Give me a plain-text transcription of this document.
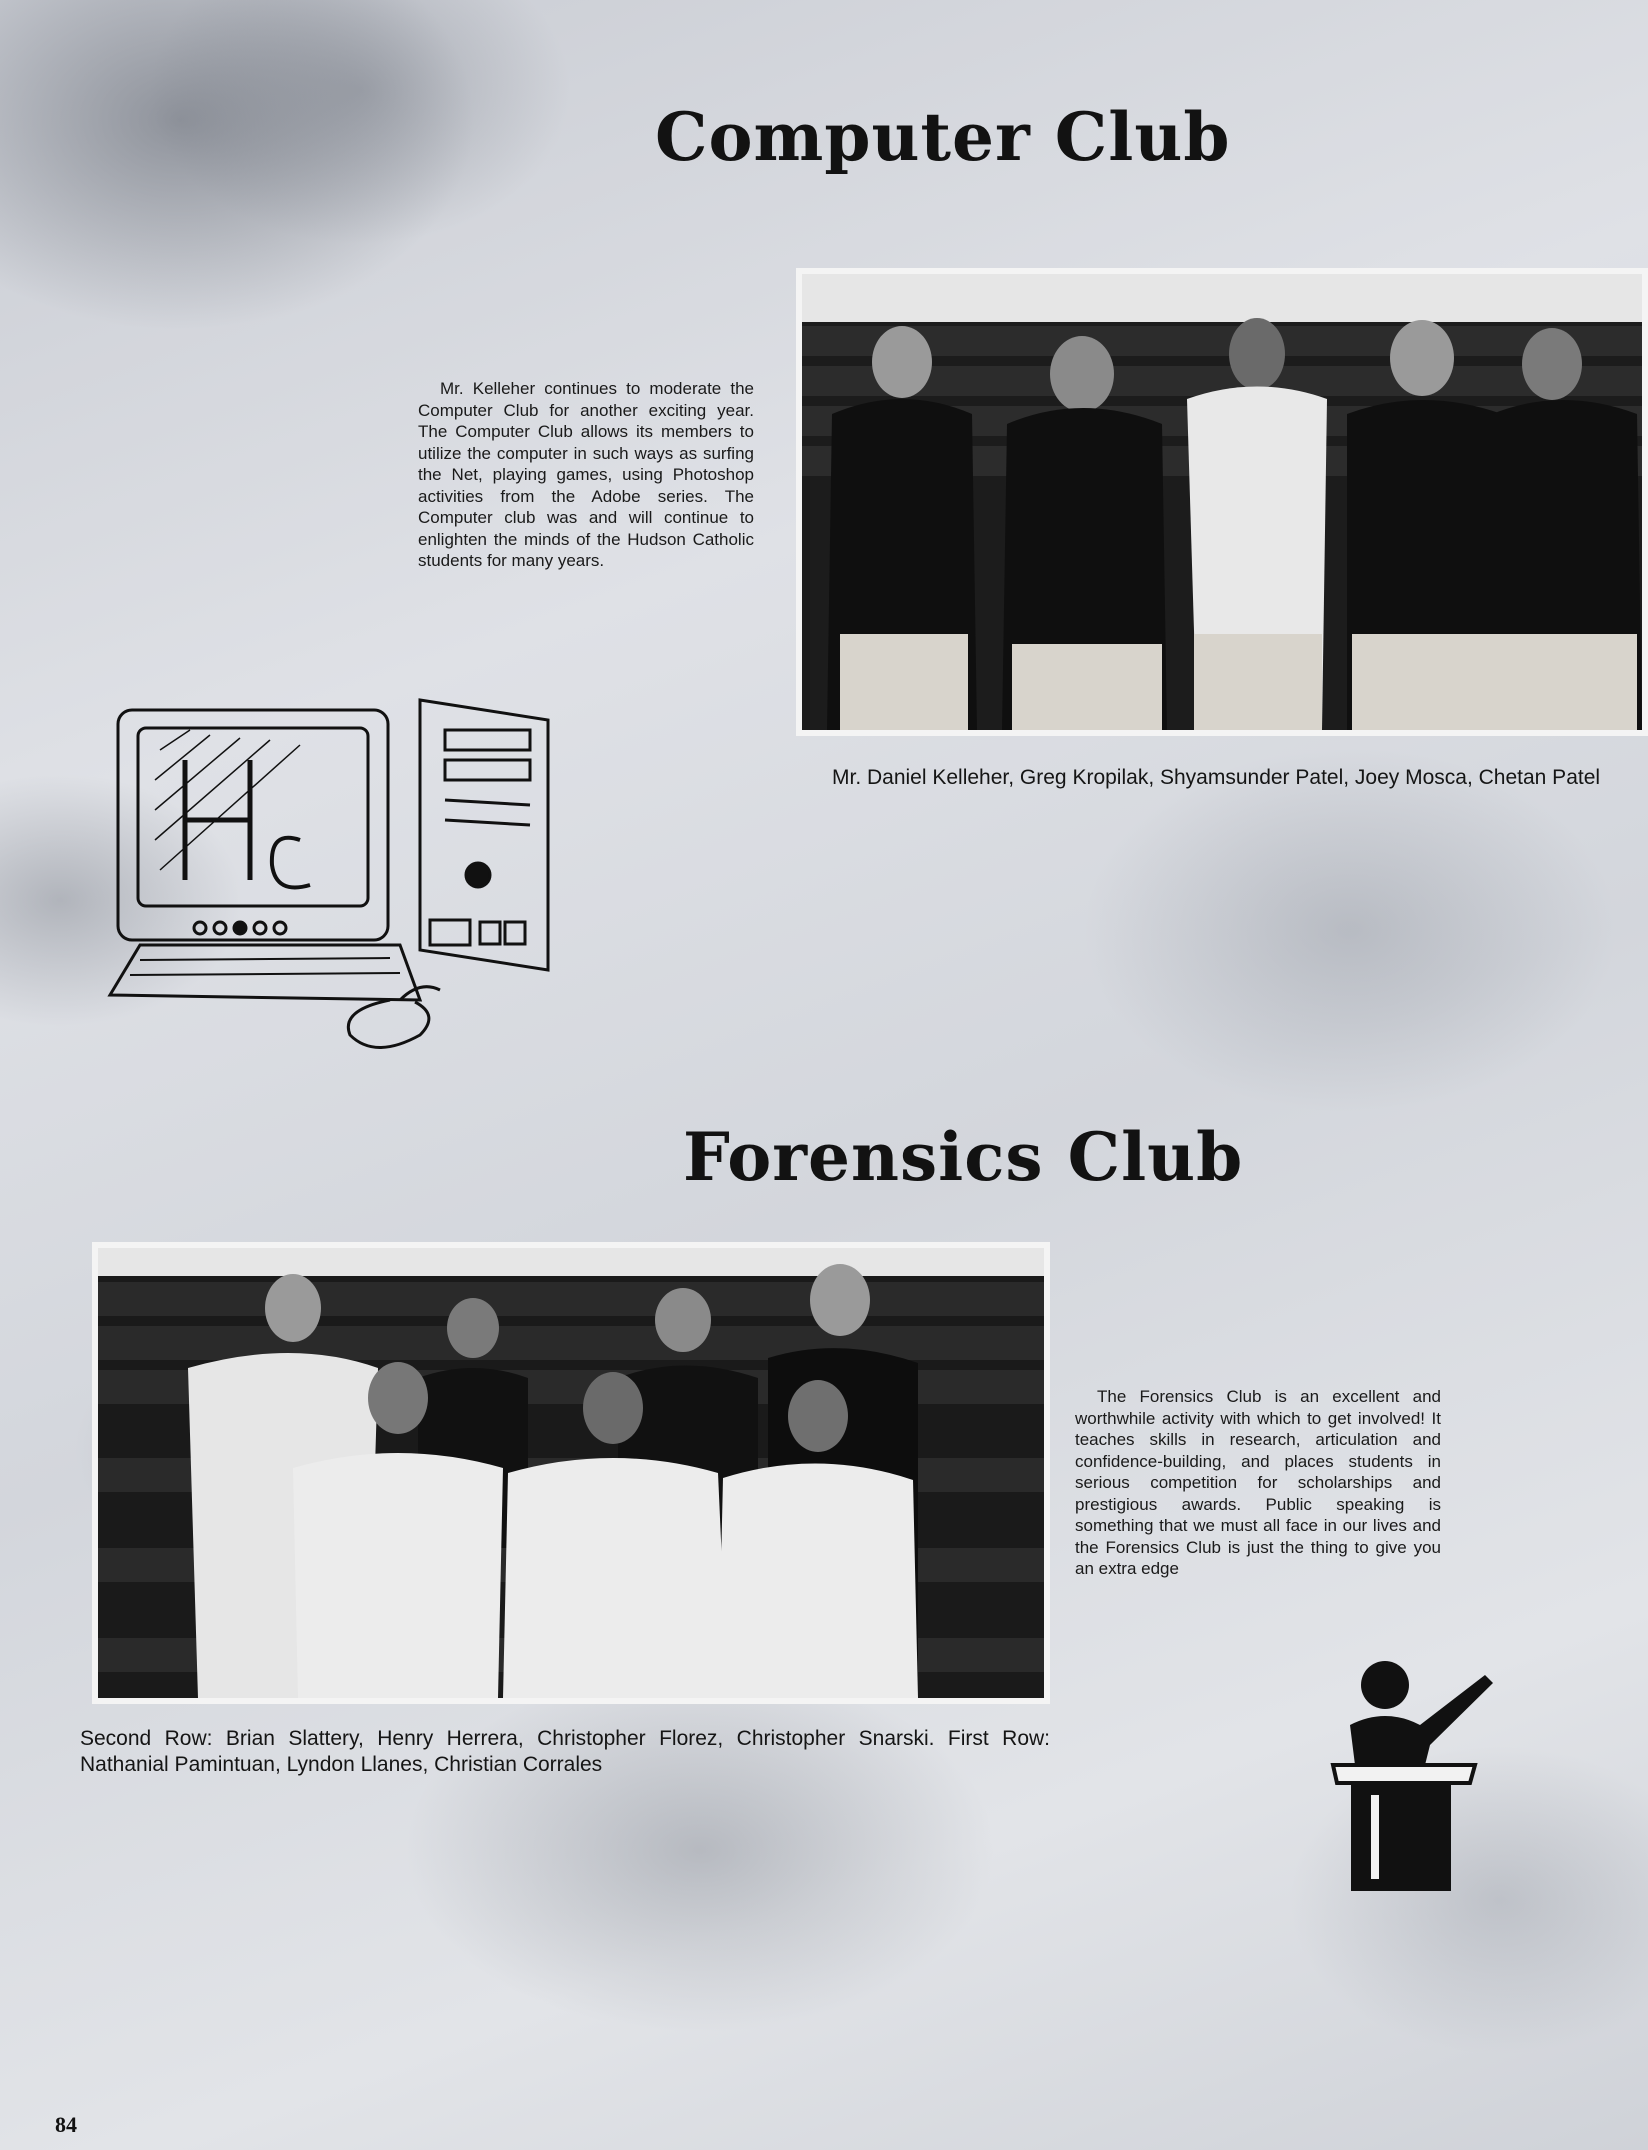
Computer Club

Mr. Kelleher continues to moderate the Computer Club for another exciting year. The Computer Club allows its members to utilize the computer in such ways as surfing the Net, playing games, using Photoshop activities from the Adobe series. The Computer club was and will continue to enlighten the minds of the Hudson Catholic students for many years.

Mr. Daniel Kelleher, Greg Kropilak, Shyamsunder Patel, Joey Mosca, Chetan Patel

Forensics Club

The Forensics Club is an excellent and worthwhile activity with which to get involved! It teaches skills in research, articulation and confidence-building, and places students in serious competition for scholarships and prestigious awards. Public speaking is something that we must all face in our lives and the Forensics Club is just the thing to give you an extra edge

Second Row: Brian Slattery, Henry Herrera, Christopher Florez, Christopher Snarski. First Row: Nathanial Pamintuan, Lyndon Llanes, Christian Corrales

84
